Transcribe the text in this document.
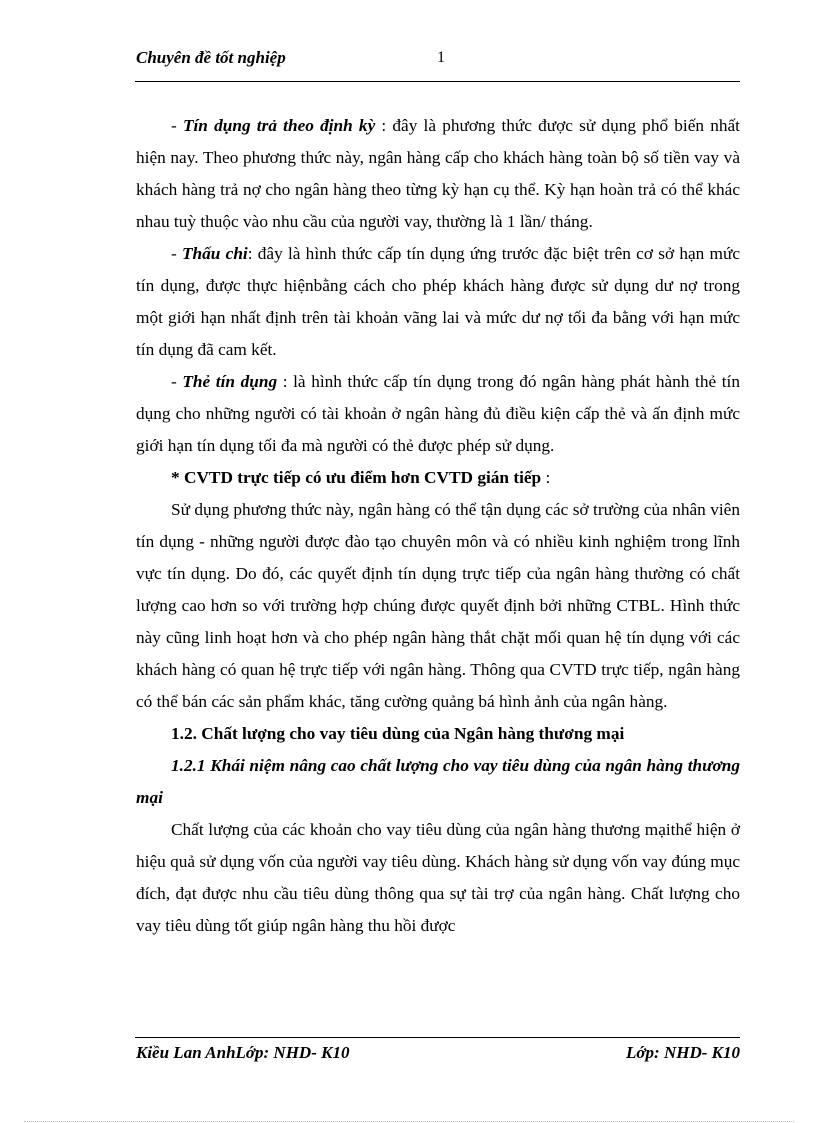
Chuyên đề tốt nghiệp	1

- Tín dụng trả theo định kỳ : đây là phương thức được sử dụng phổ biến nhất hiện nay. Theo phương thức này, ngân hàng cấp cho khách hàng toàn bộ số tiền vay và khách hàng trả nợ cho ngân hàng theo từng kỳ hạn cụ thể. Kỳ hạn hoàn trả có thể khác nhau tuỳ thuộc vào nhu cầu của người vay, thường là 1 lần/ tháng.

- Thấu chi: đây là hình thức cấp tín dụng ứng trước đặc biệt trên cơ sở hạn mức tín dụng, được thực hiệnbằng cách cho phép khách hàng được sử dụng dư nợ trong một giới hạn nhất định trên tài khoản vãng lai và mức dư nợ tối đa bằng với hạn mức tín dụng đã cam kết.

- Thẻ tín dụng : là hình thức cấp tín dụng trong đó ngân hàng phát hành thẻ tín dụng cho những người có tài khoản ở ngân hàng đủ điều kiện cấp thẻ và ấn định mức giới hạn tín dụng tối đa mà người có thẻ được phép sử dụng.

* CVTD trực tiếp có ưu điểm hơn CVTD gián tiếp :

Sử dụng phương thức này, ngân hàng có thể tận dụng các sở trường của nhân viên tín dụng - những người được đào tạo chuyên môn và có nhiều kinh nghiệm trong lĩnh vực tín dụng. Do đó, các quyết định tín dụng trực tiếp của ngân hàng thường có chất lượng cao hơn so với trường hợp chúng được quyết định bởi những CTBL. Hình thức này cũng linh hoạt hơn và cho phép ngân hàng thắt chặt mối quan hệ tín dụng với các khách hàng có quan hệ trực tiếp với ngân hàng. Thông qua CVTD trực tiếp, ngân hàng có thể bán các sản phẩm khác, tăng cường quảng bá hình ảnh của ngân hàng.

1.2. Chất lượng cho vay tiêu dùng của Ngân hàng thương mại

1.2.1 Khái niệm nâng cao chất lượng cho vay tiêu dùng của ngân hàng thương mại

Chất lượng của các khoản cho vay tiêu dùng của ngân hàng thương mạithể hiện ở hiệu quả sử dụng vốn của người vay tiêu dùng. Khách hàng sử dụng vốn vay đúng mục đích, đạt được nhu cầu tiêu dùng thông qua sự tài trợ của ngân hàng. Chất lượng cho vay tiêu dùng tốt giúp ngân hàng thu hồi được

Kiều Lan AnhLớp: NHD- K10	Lớp: NHD- K10
